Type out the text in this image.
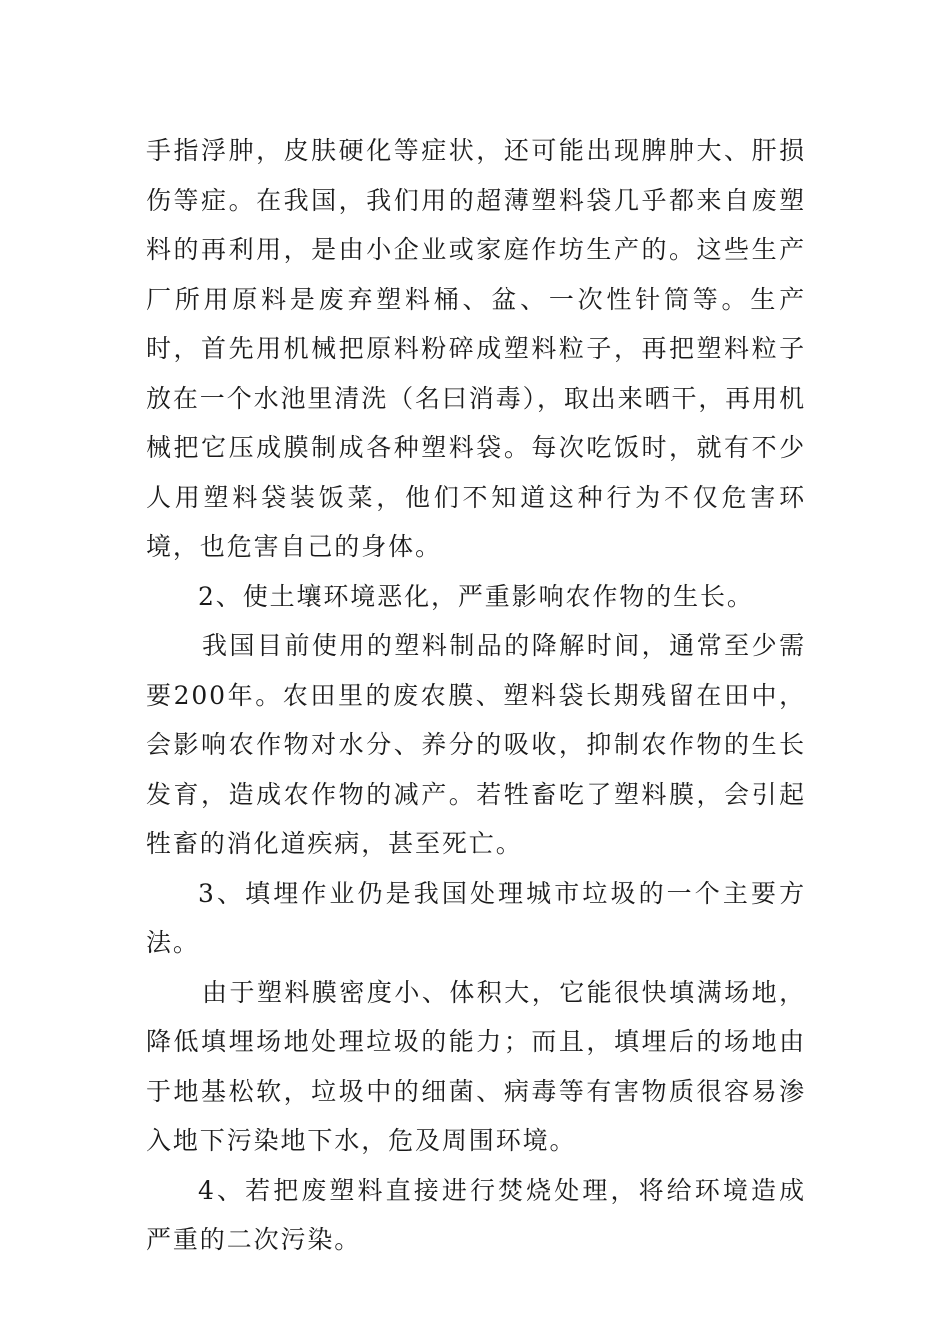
手指浮肿，皮肤硬化等症状，还可能出现脾肿大、肝损伤等症。在我国，我们用的超薄塑料袋几乎都来自废塑料的再利用，是由小企业或家庭作坊生产的。这些生产厂所用原料是废弃塑料桶、盆、一次性针筒等。生产时，首先用机械把原料粉碎成塑料粒子，再把塑料粒子放在一个水池里清洗（名曰消毒），取出来晒干，再用机械把它压成膜制成各种塑料袋。每次吃饭时，就有不少人用塑料袋装饭菜，他们不知道这种行为不仅危害环境，也危害自己的身体。

2、使土壤环境恶化，严重影响农作物的生长。

我国目前使用的塑料制品的降解时间，通常至少需要200年。农田里的废农膜、塑料袋长期残留在田中，会影响农作物对水分、养分的吸收，抑制农作物的生长发育，造成农作物的减产。若牲畜吃了塑料膜，会引起牲畜的消化道疾病，甚至死亡。

3、填埋作业仍是我国处理城市垃圾的一个主要方法。

由于塑料膜密度小、体积大，它能很快填满场地，降低填埋场地处理垃圾的能力；而且，填埋后的场地由于地基松软，垃圾中的细菌、病毒等有害物质很容易渗入地下污染地下水，危及周围环境。

4、若把废塑料直接进行焚烧处理，将给环境造成严重的二次污染。
